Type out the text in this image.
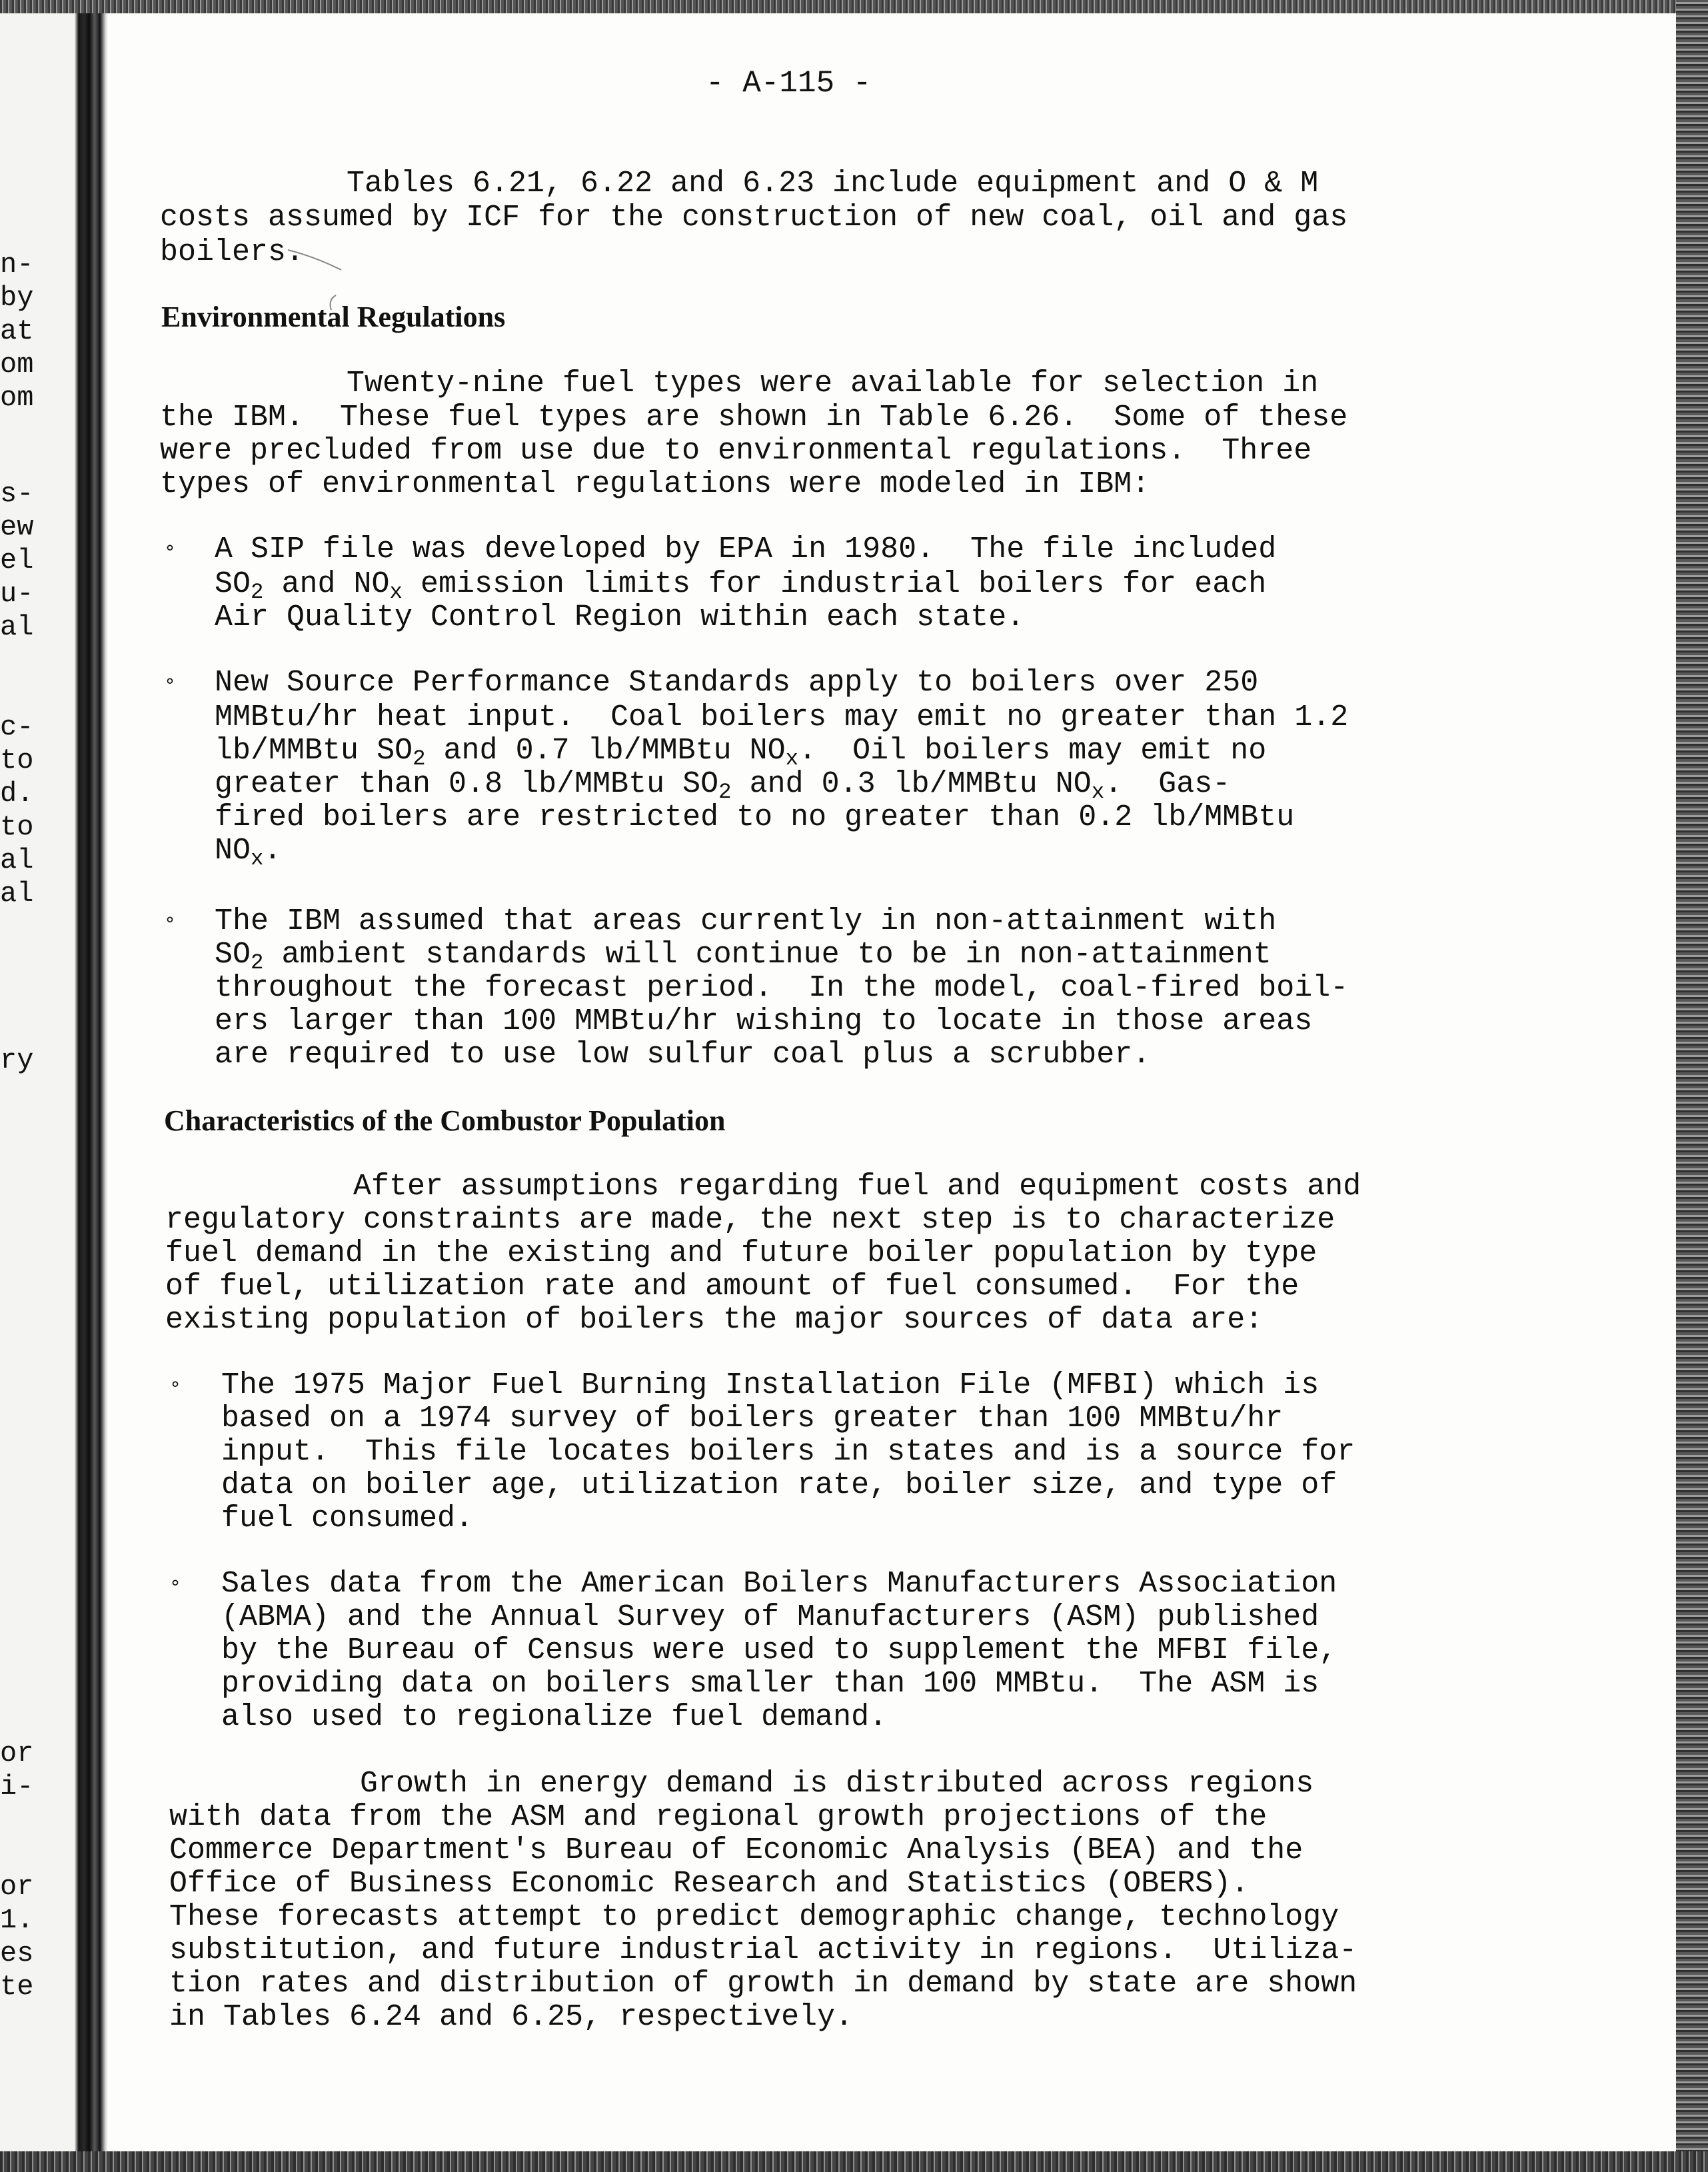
n-
by
at
om
om
s-
ew
el
u-
al
c-
to
d.
to
al
al
ry
or
i-
or
1.
es
te
- A-115 -
Tables 6.21, 6.22 and 6.23 include equipment and O & M
costs assumed by ICF for the construction of new coal, oil and gas
boilers.
Environmental Regulations
Twenty-nine fuel types were available for selection in
the IBM.  These fuel types are shown in Table 6.26.  Some of these
were precluded from use due to environmental regulations.  Three
types of environmental regulations were modeled in IBM:
° A SIP file was developed by EPA in 1980.  The file included
$SO_2$ and $NO_x$ emission limits for industrial boilers for each
Air Quality Control Region within each state.
° New Source Performance Standards apply to boilers over 250
MMBtu/hr heat input.  Coal boilers may emit no greater than 1.2
lb/MMBtu $SO_2$ and 0.7 lb/MMBtu $NO_x$. Oil boilers may emit no
greater than 0.8 lb/MMBtu $SO_2$ and 0.3 lb/MMBtu $NO_x$. Gas-
fired boilers are restricted to no greater than 0.2 lb/MMBtu
$NO_x$.
° The IBM assumed that areas currently in non-attainment with
$SO_2$ ambient standards will continue to be in non-attainment
throughout the forecast period.  In the model, coal-fired boil-
ers larger than 100 MMBtu/hr wishing to locate in those areas
are required to use low sulfur coal plus a scrubber.
Characteristics of the Combustor Population
After assumptions regarding fuel and equipment costs and
regulatory constraints are made, the next step is to characterize
fuel demand in the existing and future boiler population by type
of fuel, utilization rate and amount of fuel consumed.  For the
existing population of boilers the major sources of data are:
° The 1975 Major Fuel Burning Installation File (MFBI) which is
based on a 1974 survey of boilers greater than 100 MMBtu/hr
input.  This file locates boilers in states and is a source for
data on boiler age, utilization rate, boiler size, and type of
fuel consumed.
° Sales data from the American Boilers Manufacturers Association
(ABMA) and the Annual Survey of Manufacturers (ASM) published
by the Bureau of Census were used to supplement the MFBI file,
providing data on boilers smaller than 100 MMBtu.  The ASM is
also used to regionalize fuel demand.
Growth in energy demand is distributed across regions
with data from the ASM and regional growth projections of the
Commerce Department's Bureau of Economic Analysis (BEA) and the
Office of Business Economic Research and Statistics (OBERS).
These forecasts attempt to predict demographic change, technology
substitution, and future industrial activity in regions.  Utiliza-
tion rates and distribution of growth in demand by state are shown
in Tables 6.24 and 6.25, respectively.
